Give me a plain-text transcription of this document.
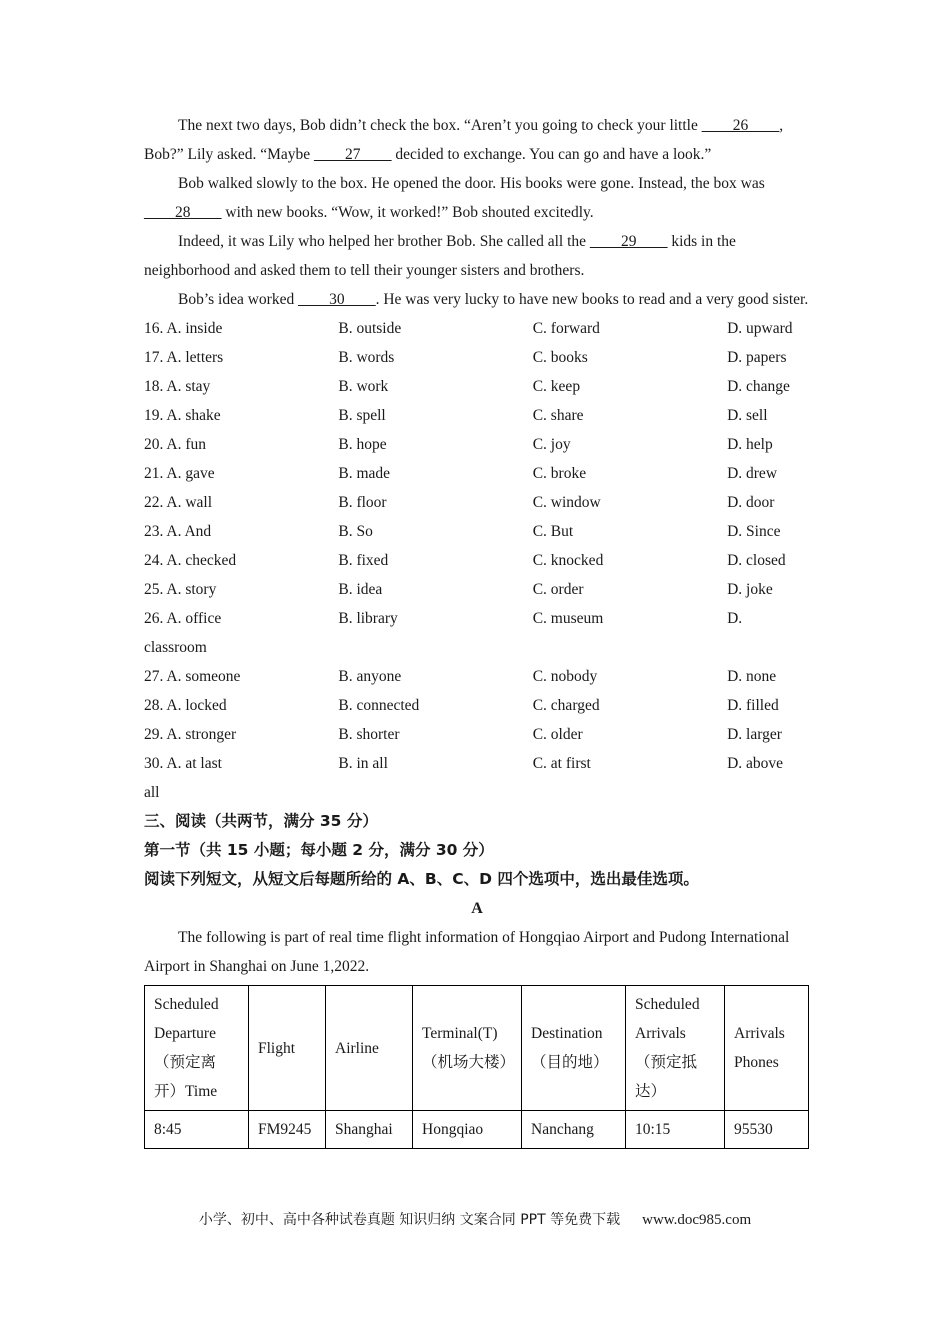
The next two days, Bob didn’t check the box. “Aren’t you going to check your little ____26____, Bob?” Lily asked. “Maybe ____27____ decided to exchange. You can go and have a look.”

Bob walked slowly to the box. He opened the door. His books were gone. Instead, the box was ____28____ with new books. “Wow, it worked!” Bob shouted excitedly.

Indeed, it was Lily who helped her brother Bob. She called all the ____29____ kids in the neighborhood and asked them to tell their younger sisters and brothers.

Bob’s idea worked ____30____. He was very lucky to have new books to read and a very good sister.

16. A. inside	B. outside	C. forward	D. upward
17. A. letters	B. words	C. books	D. papers
18. A. stay	B. work	C. keep	D. change
19. A. shake	B. spell	C. share	D. sell
20. A. fun	B. hope	C. joy	D. help
21. A. gave	B. made	C. broke	D. drew
22. A. wall	B. floor	C. window	D. door
23. A. And	B. So	C. But	D. Since
24. A. checked	B. fixed	C. knocked	D. closed
25. A. story	B. idea	C. order	D. joke
26. A. office	B. library	C. museum	D.
classroom
27. A. someone	B. anyone	C. nobody	D. none
28. A. locked	B. connected	C. charged	D. filled
29. A. stronger	B. shorter	C. older	D. larger
30. A. at last	B. in all	C. at first	D. above
all

三、阅读（共两节，满分 35 分）

第一节（共 15 小题；每小题 2 分，满分 30 分）

阅读下列短文，从短文后每题所给的 A、B、C、D 四个选项中，选出最佳选项。

A

The following is part of real time flight information of Hongqiao Airport and Pudong International Airport in Shanghai on June 1,2022.

Scheduled Departure （预定离开）Time	Flight	Airline	Terminal(T) （机场大楼）	Destination （目的地）	Scheduled Arrivals （预定抵达）	Arrivals Phones
8:45	FM9245	Shanghai	Hongqiao	Nanchang	10:15	95530
小学、初中、高中各种试卷真题 知识归纳 文案合同 PPT 等免费下载 www.doc985.com
